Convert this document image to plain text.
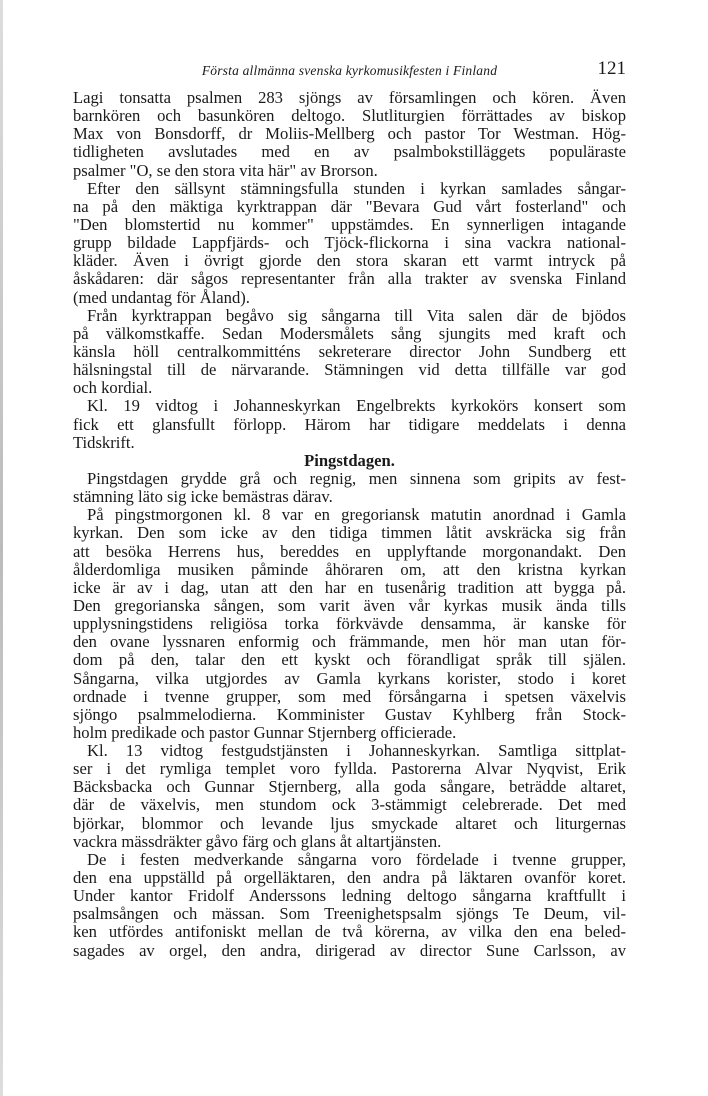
Första allmänna svenska kyrkomusikfesten i Finland	121
Lagi tonsatta psalmen 283 sjöngs av församlingen och kören. Även
barnkören och basunkören deltogo. Slutliturgien förrättades av biskop
Max von Bonsdorff, dr Moliis-Mellberg och pastor Tor Westman. Hög-
tidligheten avslutades med en av psalmbokstilläggets populäraste
psalmer "O, se den stora vita här" av Brorson.
Efter den sällsynt stämningsfulla stunden i kyrkan samlades sångar-
na på den mäktiga kyrktrappan där "Bevara Gud vårt fosterland" och
"Den blomstertid nu kommer" uppstämdes. En synnerligen intagande
grupp bildade Lappfjärds- och Tjöck-flickorna i sina vackra national-
kläder. Även i övrigt gjorde den stora skaran ett varmt intryck på
åskådaren: där sågos representanter från alla trakter av svenska Finland
(med undantag för Åland).
Från kyrktrappan begåvo sig sångarna till Vita salen där de bjödos
på välkomstkaffe. Sedan Modersmålets sång sjungits med kraft och
känsla höll centralkommitténs sekreterare director John Sundberg ett
hälsningstal till de närvarande. Stämningen vid detta tillfälle var god
och kordial.
Kl. 19 vidtog i Johanneskyrkan Engelbrekts kyrkokörs konsert som
fick ett glansfullt förlopp. Härom har tidigare meddelats i denna
Tidskrift.
Pingstdagen.
Pingstdagen grydde grå och regnig, men sinnena som gripits av fest-
stämning läto sig icke bemästras därav.
På pingstmorgonen kl. 8 var en gregoriansk matutin anordnad i Gamla
kyrkan. Den som icke av den tidiga timmen låtit avskräcka sig från
att besöka Herrens hus, bereddes en upplyftande morgonandakt. Den
ålderdomliga musiken påminde åhöraren om, att den kristna kyrkan
icke är av i dag, utan att den har en tusenårig tradition att bygga på.
Den gregorianska sången, som varit även vår kyrkas musik ända tills
upplysningstidens religiösa torka förkvävde densamma, är kanske för
den ovane lyssnaren enformig och främmande, men hör man utan för-
dom på den, talar den ett kyskt och förandligat språk till själen.
Sångarna, vilka utgjordes av Gamla kyrkans korister, stodo i koret
ordnade i tvenne grupper, som med försångarna i spetsen växelvis
sjöngo psalmmelodierna. Komminister Gustav Kyhlberg från Stock-
holm predikade och pastor Gunnar Stjernberg officierade.
Kl. 13 vidtog festgudstjänsten i Johanneskyrkan. Samtliga sittplat-
ser i det rymliga templet voro fyllda. Pastorerna Alvar Nyqvist, Erik
Bäcksbacka och Gunnar Stjernberg, alla goda sångare, beträdde altaret,
där de växelvis, men stundom ock 3-stämmigt celebrerade. Det med
björkar, blommor och levande ljus smyckade altaret och liturgernas
vackra mässdräkter gåvo färg och glans åt altartjänsten.
De i festen medverkande sångarna voro fördelade i tvenne grupper,
den ena uppställd på orgelläktaren, den andra på läktaren ovanför koret.
Under kantor Fridolf Anderssons ledning deltogo sångarna kraftfullt i
psalmsången och mässan. Som Treenighetspsalm sjöngs Te Deum, vil-
ken utfördes antifoniskt mellan de två körerna, av vilka den ena beled-
sagades av orgel, den andra, dirigerad av director Sune Carlsson, av
